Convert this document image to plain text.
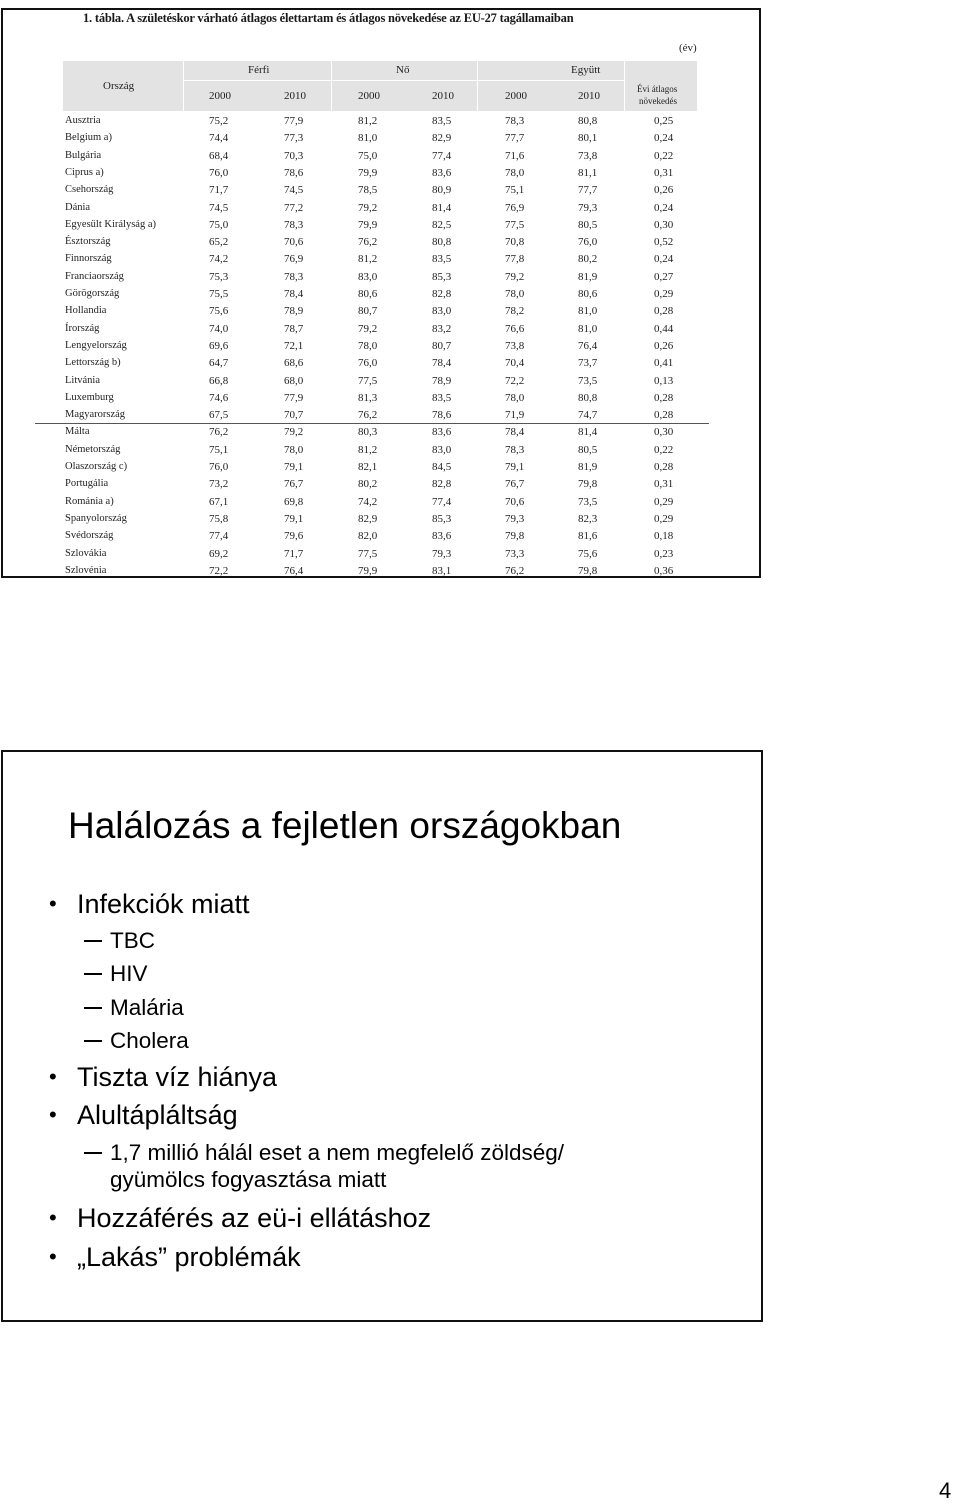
1. tábla. A születéskor várható átlagos élettartam és átlagos növekedése az EU-27 tagállamaiban
(év)
Ország
Férfi	Nő	Együtt
2000	2010	2000	2010	2000	2010
Évi átlagos
növekedés
Ausztria	75,2	77,9	81,2	83,5	78,3	80,8	0,25
Belgium a)	74,4	77,3	81,0	82,9	77,7	80,1	0,24
Bulgária	68,4	70,3	75,0	77,4	71,6	73,8	0,22
Ciprus a)	76,0	78,6	79,9	83,6	78,0	81,1	0,31
Csehország	71,7	74,5	78,5	80,9	75,1	77,7	0,26
Dánia	74,5	77,2	79,2	81,4	76,9	79,3	0,24
Egyesült Királyság a)	75,0	78,3	79,9	82,5	77,5	80,5	0,30
Észtország	65,2	70,6	76,2	80,8	70,8	76,0	0,52
Finnország	74,2	76,9	81,2	83,5	77,8	80,2	0,24
Franciaország	75,3	78,3	83,0	85,3	79,2	81,9	0,27
Görögország	75,5	78,4	80,6	82,8	78,0	80,6	0,29
Hollandia	75,6	78,9	80,7	83,0	78,2	81,0	0,28
Írország	74,0	78,7	79,2	83,2	76,6	81,0	0,44
Lengyelország	69,6	72,1	78,0	80,7	73,8	76,4	0,26
Lettország b)	64,7	68,6	76,0	78,4	70,4	73,7	0,41
Litvánia	66,8	68,0	77,5	78,9	72,2	73,5	0,13
Luxemburg	74,6	77,9	81,3	83,5	78,0	80,8	0,28
Magyarország	67,5	70,7	76,2	78,6	71,9	74,7	0,28
Málta	76,2	79,2	80,3	83,6	78,4	81,4	0,30
Németország	75,1	78,0	81,2	83,0	78,3	80,5	0,22
Olaszország c)	76,0	79,1	82,1	84,5	79,1	81,9	0,28
Portugália	73,2	76,7	80,2	82,8	76,7	79,8	0,31
Románia a)	67,1	69,8	74,2	77,4	70,6	73,5	0,29
Spanyolország	75,8	79,1	82,9	85,3	79,3	82,3	0,29
Svédország	77,4	79,6	82,0	83,6	79,8	81,6	0,18
Szlovákia	69,2	71,7	77,5	79,3	73,3	75,6	0,23
Szlovénia	72,2	76,4	79,9	83,1	76,2	79,8	0,36
Halálozás a fejletlen országokban
• Infekciók miatt
TBC
HIV
Malária
Cholera
• Tiszta víz hiánya
• Alultápláltság
1,7 millió hálál eset a nem megfelelő zöldség/
gyümölcs fogyasztása miatt
• Hozzáférés az eü-i ellátáshoz
• „Lakás” problémák
4
